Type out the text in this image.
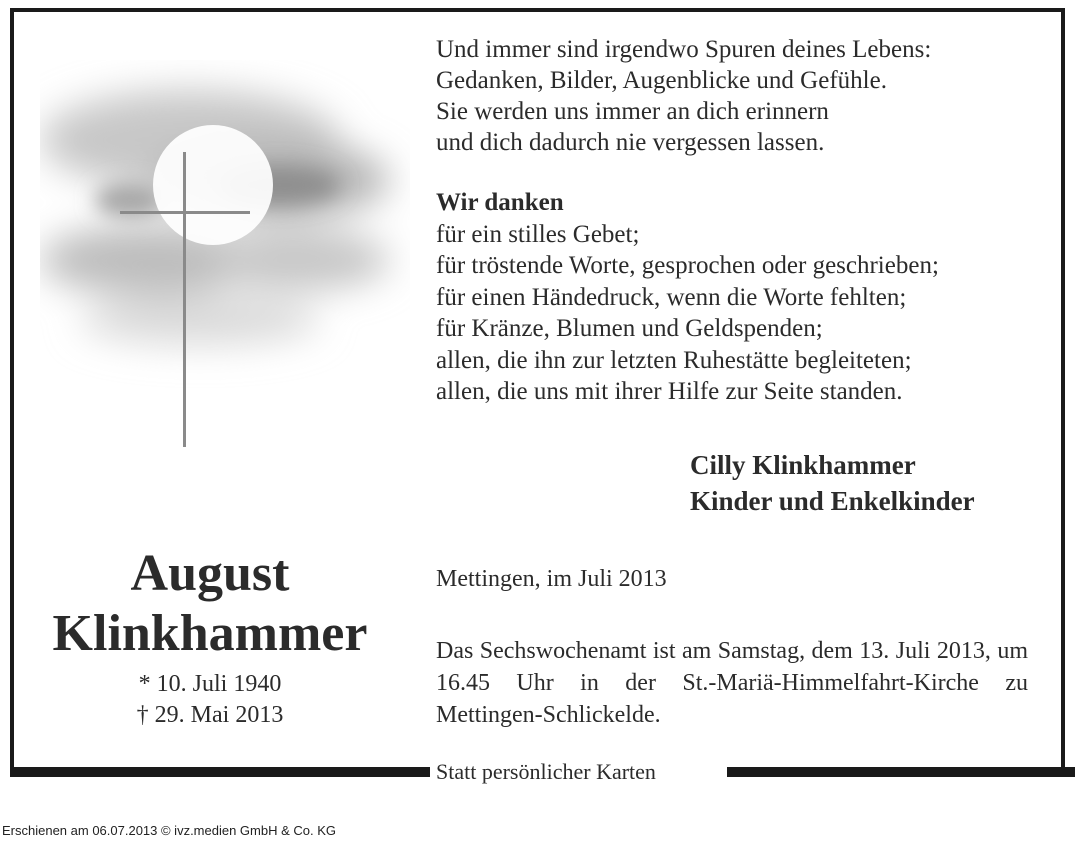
Und immer sind irgendwo Spuren deines Lebens:
Gedanken, Bilder, Augenblicke und Gefühle.
Sie werden uns immer an dich erinnern
und dich dadurch nie vergessen lassen.
Wir danken
für ein stilles Gebet;
für tröstende Worte, gesprochen oder geschrieben;
für einen Händedruck, wenn die Worte fehlten;
für Kränze, Blumen und Geldspenden;
allen, die ihn zur letzten Ruhestätte begleiteten;
allen, die uns mit ihrer Hilfe zur Seite standen.
Cilly Klinkhammer
Kinder und Enkelkinder
Mettingen, im Juli 2013
Das Sechswochenamt ist am Samstag, dem 13. Juli 2013, um 16.45 Uhr in der St.-Mariä-Himmelfahrt-Kirche zu Mettingen-Schlickelde.
August
Klinkhammer
* 10. Juli 1940
† 29. Mai 2013
Statt persönlicher Karten
Erschienen am 06.07.2013 © ivz.medien GmbH & Co. KG
